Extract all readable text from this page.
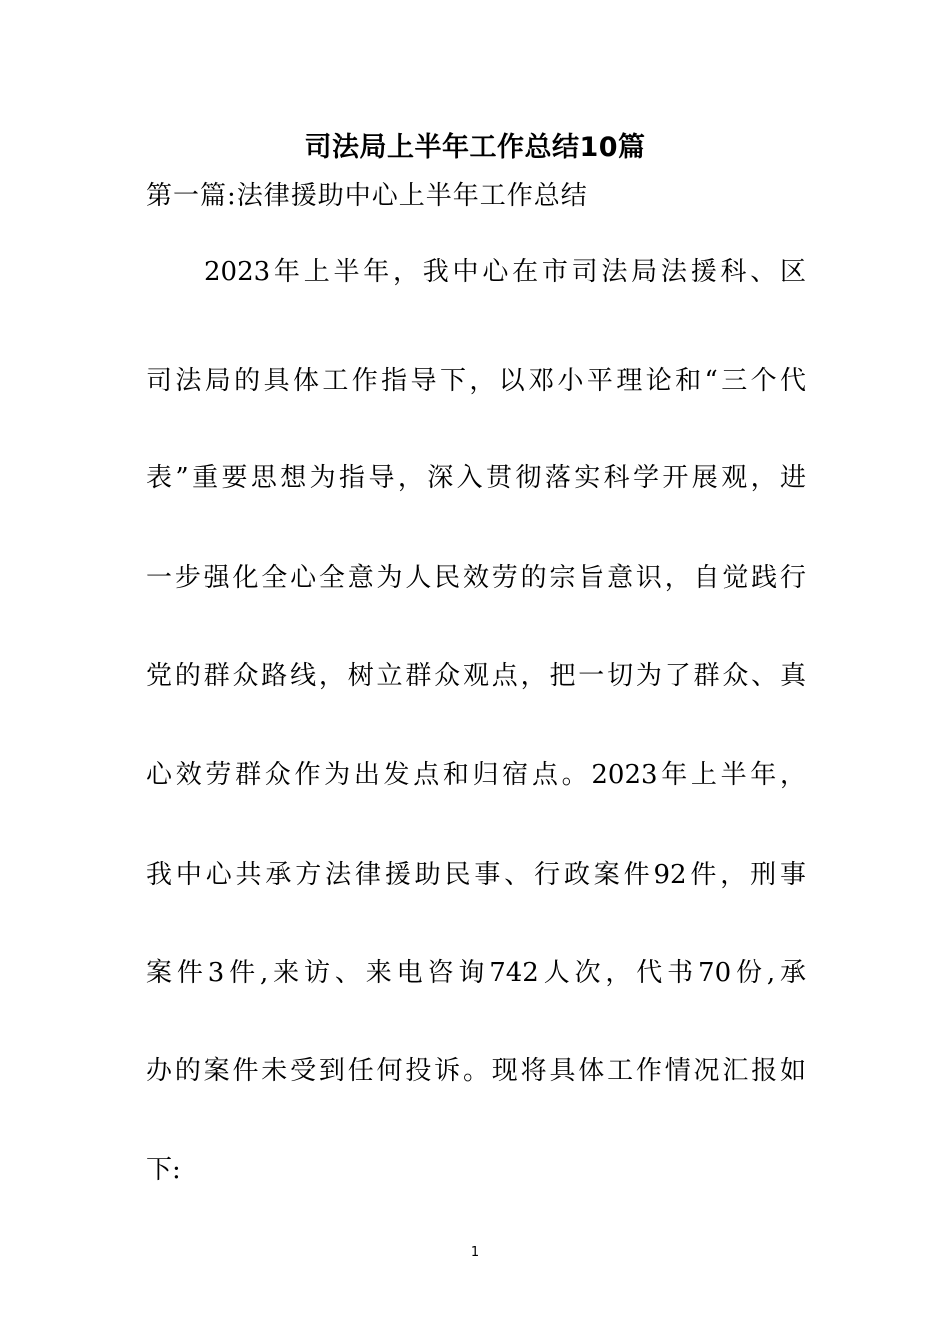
司法局上半年工作总结10篇
第一篇:法律援助中心上半年工作总结
2023年上半年，我中心在市司法局法援科、区
司法局的具体工作指导下，以邓小平理论和“三个代
表”重要思想为指导，深入贯彻落实科学开展观，进
一步强化全心全意为人民效劳的宗旨意识，自觉践行
党的群众路线，树立群众观点，把一切为了群众、真
心效劳群众作为出发点和归宿点。2023年上半年，
我中心共承方法律援助民事、行政案件92件，刑事
案件3件,来访、来电咨询742人次，代书70份,承
办的案件未受到任何投诉。现将具体工作情况汇报如
下:
1
